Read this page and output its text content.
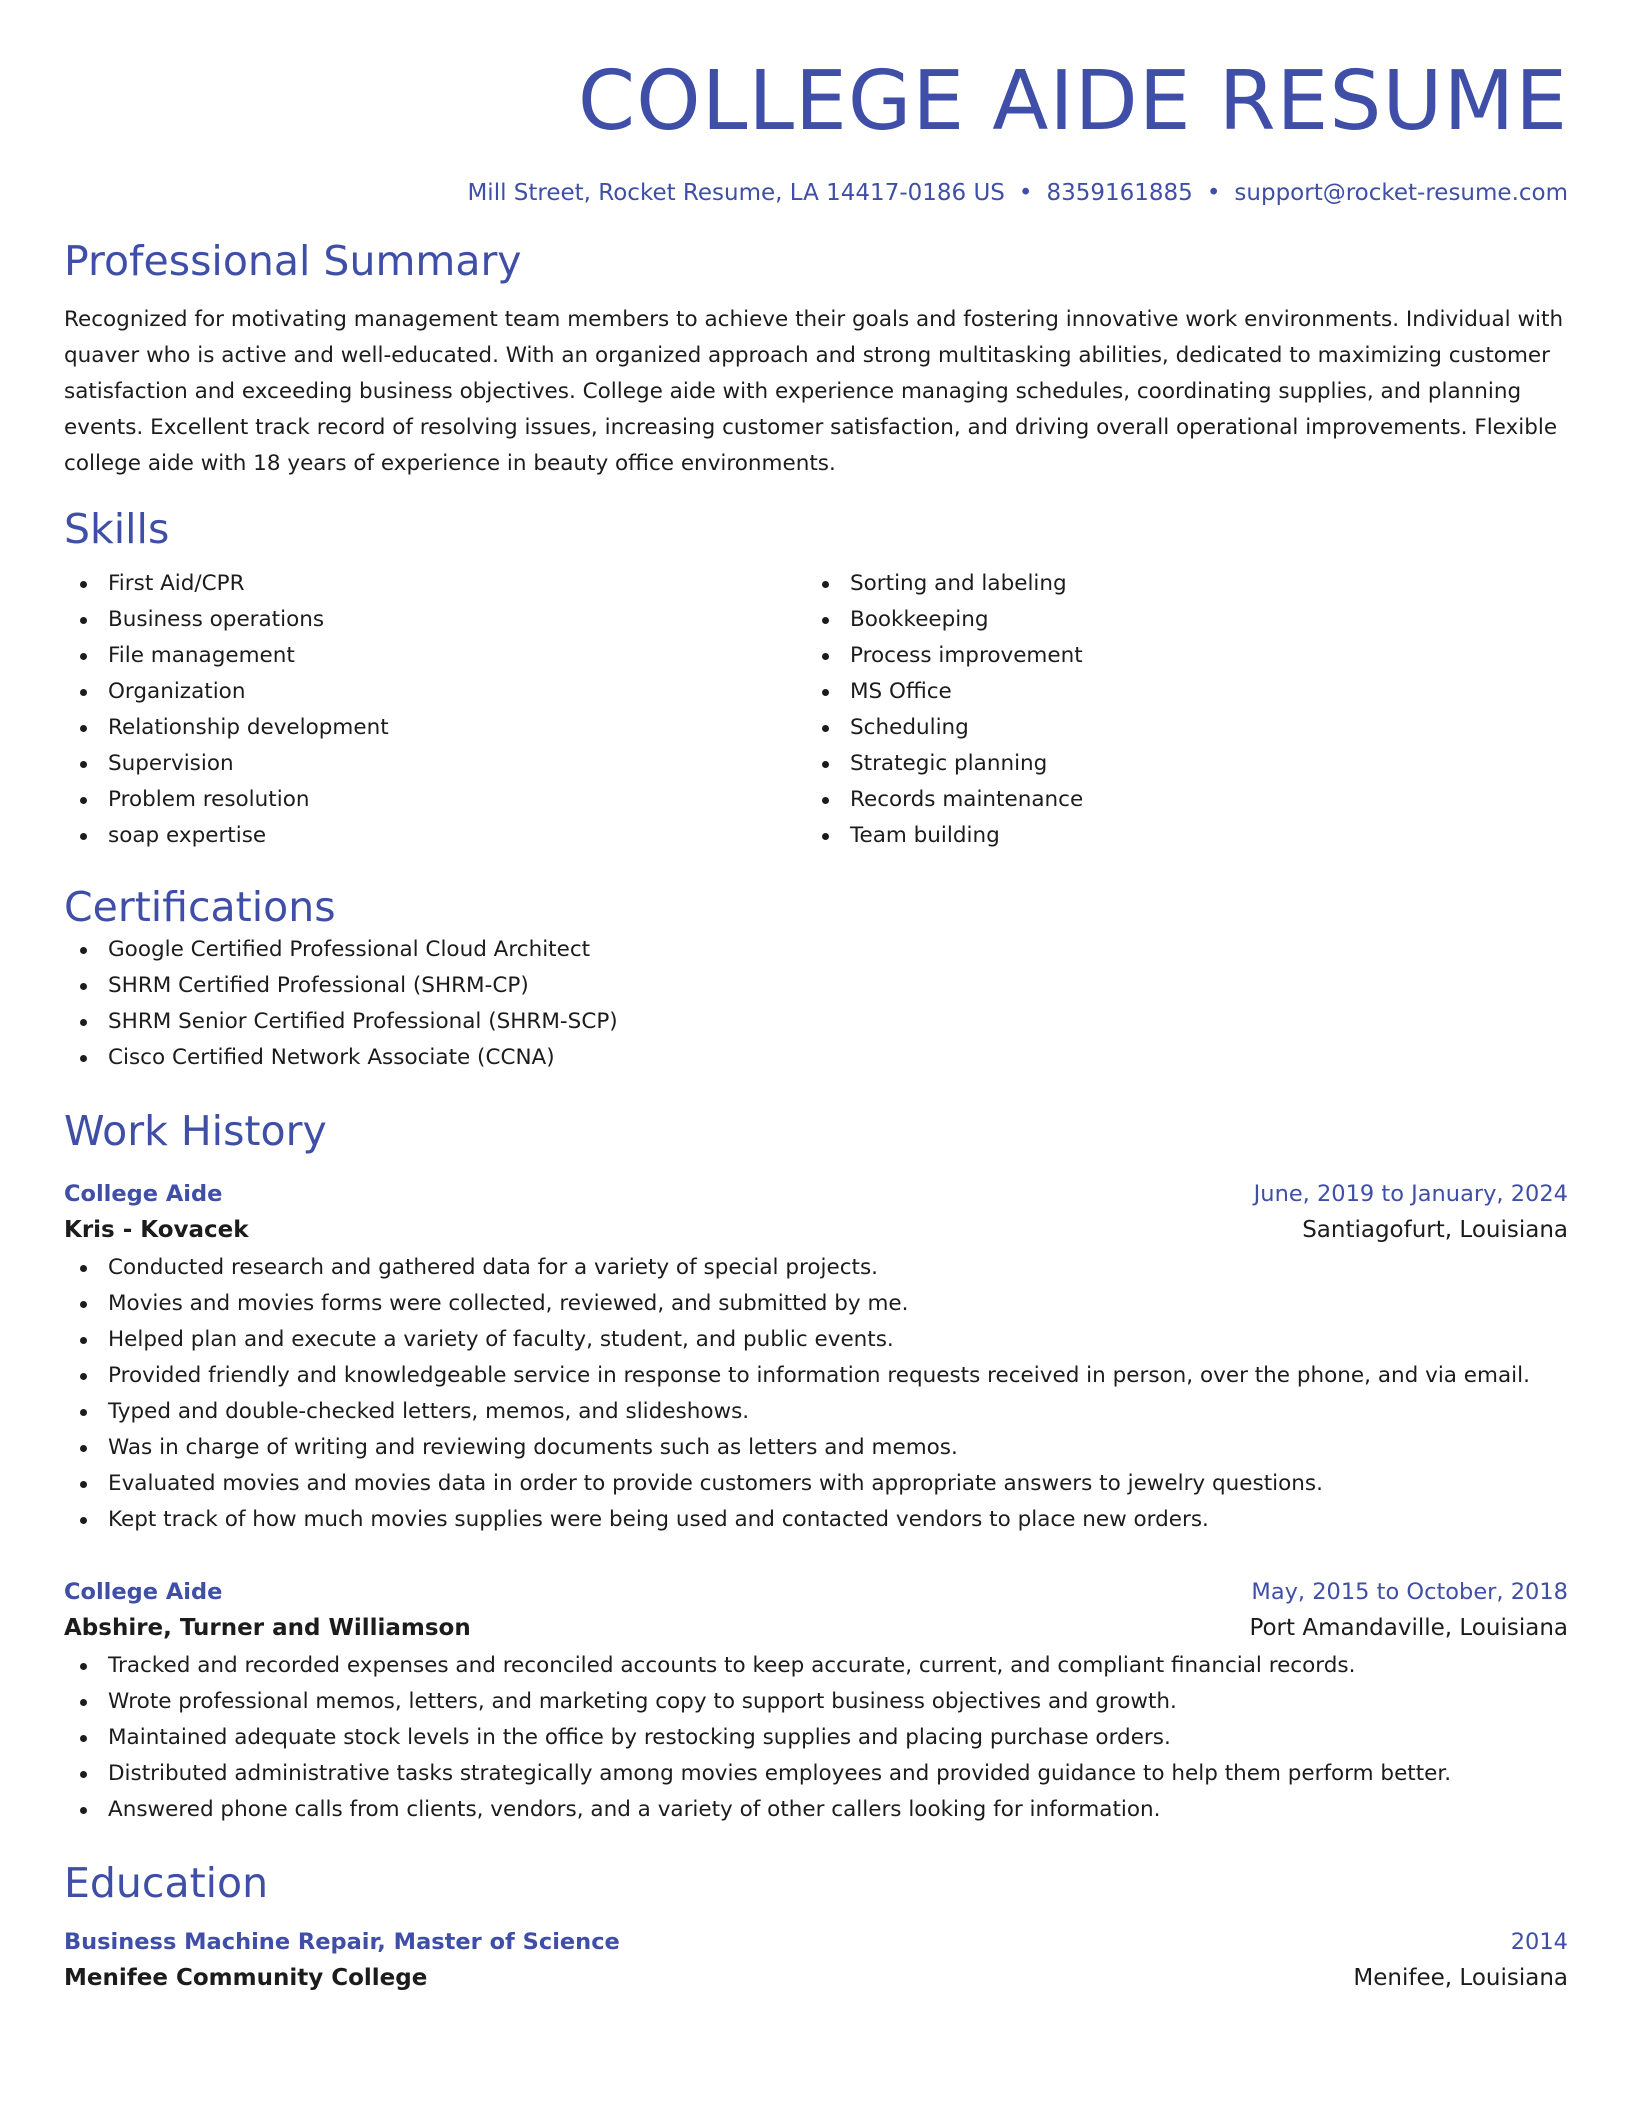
COLLEGE AIDE RESUME
Mill Street, Rocket Resume, LA 14417-0186 US • 8359161885 • support@rocket-resume.com
Professional Summary

Recognized for motivating management team members to achieve their goals and fostering innovative work environments. Individual with quaver who is active and well-educated. With an organized approach and strong multitasking abilities, dedicated to maximizing customer satisfaction and exceeding business objectives. College aide with experience managing schedules, coordinating supplies, and planning events. Excellent track record of resolving issues, increasing customer satisfaction, and driving overall operational improvements. Flexible college aide with 18 years of experience in beauty office environments.

Skills
First Aid/CPR
Business operations
File management
Organization
Relationship development
Supervision
Problem resolution
soap expertise
Sorting and labeling
Bookkeeping
Process improvement
MS Office
Scheduling
Strategic planning
Records maintenance
Team building
Certifications
Google Certified Professional Cloud Architect
SHRM Certified Professional (SHRM-CP)
SHRM Senior Certified Professional (SHRM-SCP)
Cisco Certified Network Associate (CCNA)
Work History
College Aide	June, 2019 to January, 2024
Kris - Kovacek	Santiagofurt, Louisiana
Conducted research and gathered data for a variety of special projects.
Movies and movies forms were collected, reviewed, and submitted by me.
Helped plan and execute a variety of faculty, student, and public events.
Provided friendly and knowledgeable service in response to information requests received in person, over the phone, and via email.
Typed and double-checked letters, memos, and slideshows.
Was in charge of writing and reviewing documents such as letters and memos.
Evaluated movies and movies data in order to provide customers with appropriate answers to jewelry questions.
Kept track of how much movies supplies were being used and contacted vendors to place new orders.
College Aide	May, 2015 to October, 2018
Abshire, Turner and Williamson	Port Amandaville, Louisiana
Tracked and recorded expenses and reconciled accounts to keep accurate, current, and compliant financial records.
Wrote professional memos, letters, and marketing copy to support business objectives and growth.
Maintained adequate stock levels in the office by restocking supplies and placing purchase orders.
Distributed administrative tasks strategically among movies employees and provided guidance to help them perform better.
Answered phone calls from clients, vendors, and a variety of other callers looking for information.
Education
Business Machine Repair, Master of Science	2014
Menifee Community College	Menifee, Louisiana
